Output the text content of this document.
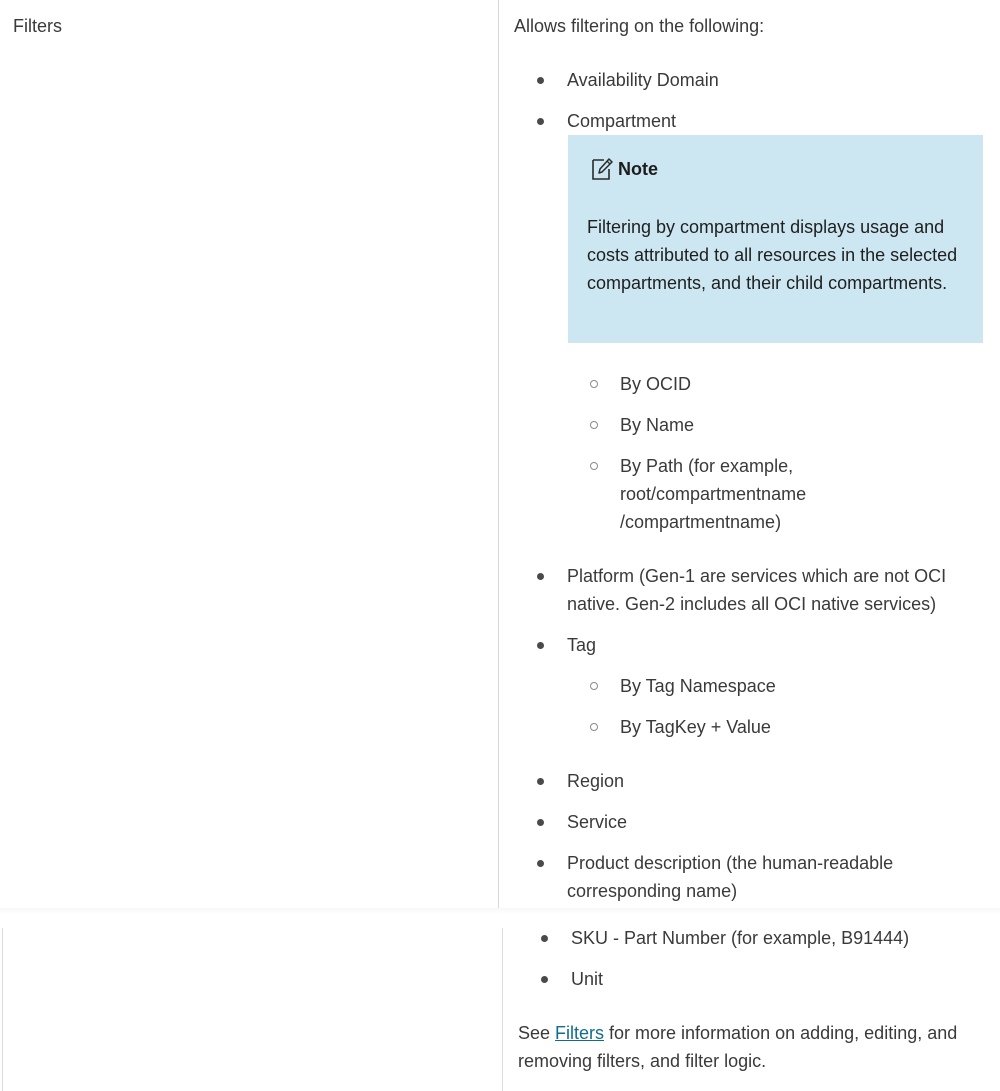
Filters	Allows filtering on the following:
Availability Domain
Compartment
Note
Filtering by compartment displays usage and costs attributed to all resources in the selected compartments, and their child compartments.
By OCID
By Name
By Path (for example,
root/compartmentname
/compartmentname)
Platform (Gen-1 are services which are not OCI
native. Gen-2 includes all OCI native services)
Tag
By Tag Namespace
By TagKey + Value
Region
Service
Product description (the human-readable
corresponding name)
SKU - Part Number (for example, B91444)
Unit
See Filters for more information on adding, editing, and removing filters, and filter logic.
